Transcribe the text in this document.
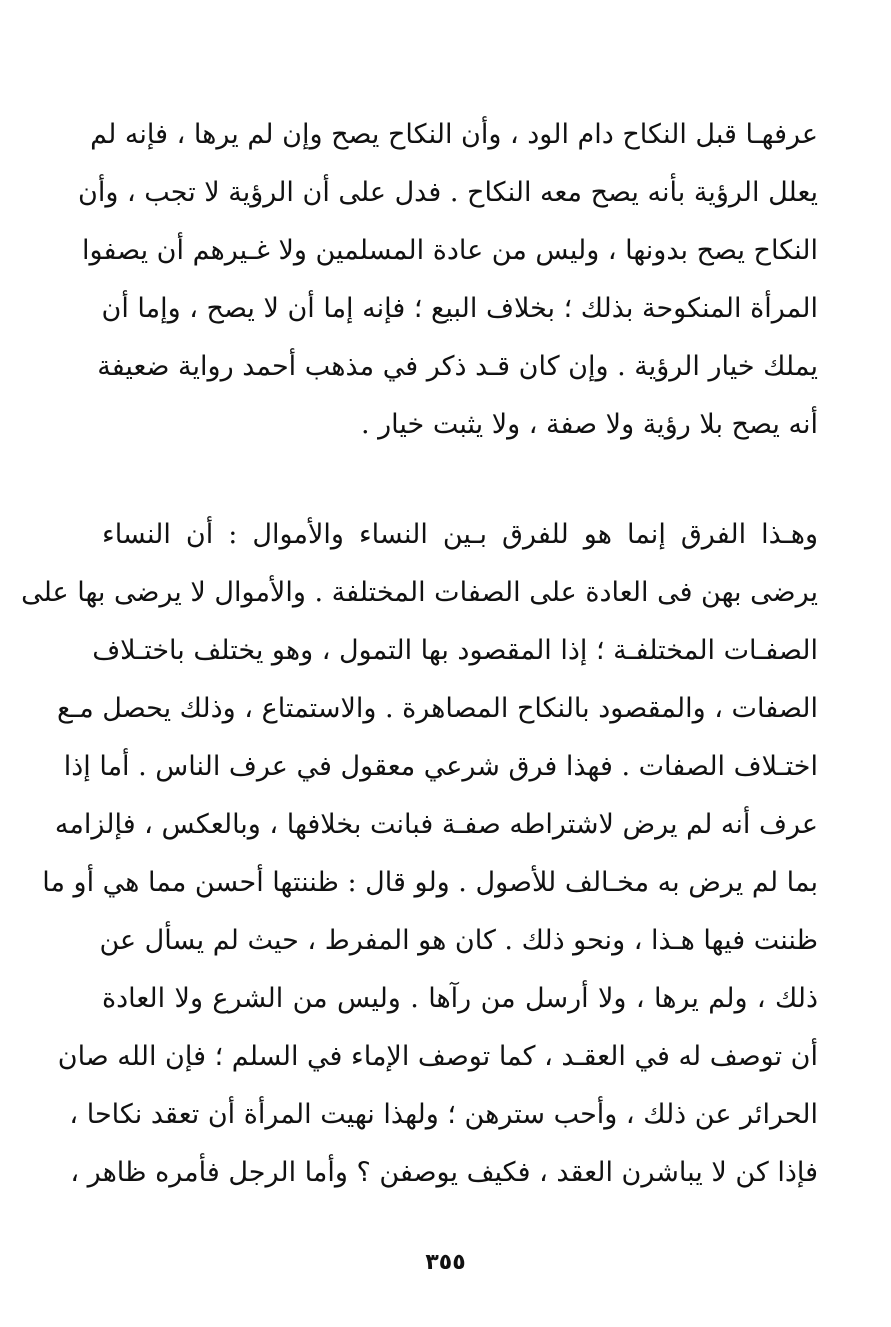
عرفهـا قبل النكاح دام الود ، وأن النكاح يصح وإن لم يرها ، فإنه لم
يعلل الرؤية بأنه يصح معه النكاح . فدل على أن الرؤية لا تجب ، وأن
النكاح يصح بدونها ، وليس من عادة المسلمين ولا غـيرهم أن يصفوا
المرأة المنكوحة بذلك ؛ بخلاف البيع ؛ فإنه إما أن لا يصح ، وإما أن
يملك خيار الرؤية . وإن كان قـد ذكر في مذهب أحمد رواية ضعيفة
أنه يصح بلا رؤية ولا صفة ، ولا يثبت خيار .
وهـذا الفرق إنما هو للفرق بـين النساء والأموال : أن النساء
يرضى بهن فى العادة على الصفات المختلفة . والأموال لا يرضى بها على
الصفـات المختلفـة ؛ إذا المقصود بها التمول ، وهو يختلف باختـلاف
الصفات ، والمقصود بالنكاح المصاهرة . والاستمتاع ، وذلك يحصل مـع
اختـلاف الصفات . فهذا فرق شرعي معقول في عرف الناس . أما إذا
عرف أنه لم يرض لاشتراطه صفـة فبانت بخلافها ، وبالعكس ، فإلزامه
بما لم يرض به مخـالف للأصول . ولو قال : ظننتها أحسن مما هي أو ما
ظننت فيها هـذا ، ونحو ذلك . كان هو المفرط ، حيث لم يسأل عن
ذلك ، ولم يرها ، ولا أرسل من رآها . وليس من الشرع ولا العادة
أن توصف له في العقـد ، كما توصف الإماء في السلم ؛ فإن الله صان
الحرائر عن ذلك ، وأحب سترهن ؛ ولهذا نهيت المرأة أن تعقد نكاحا ،
فإذا كن لا يباشرن العقد ، فكيف يوصفن ؟ وأما الرجل فأمره ظاهر ،
٣٥٥
